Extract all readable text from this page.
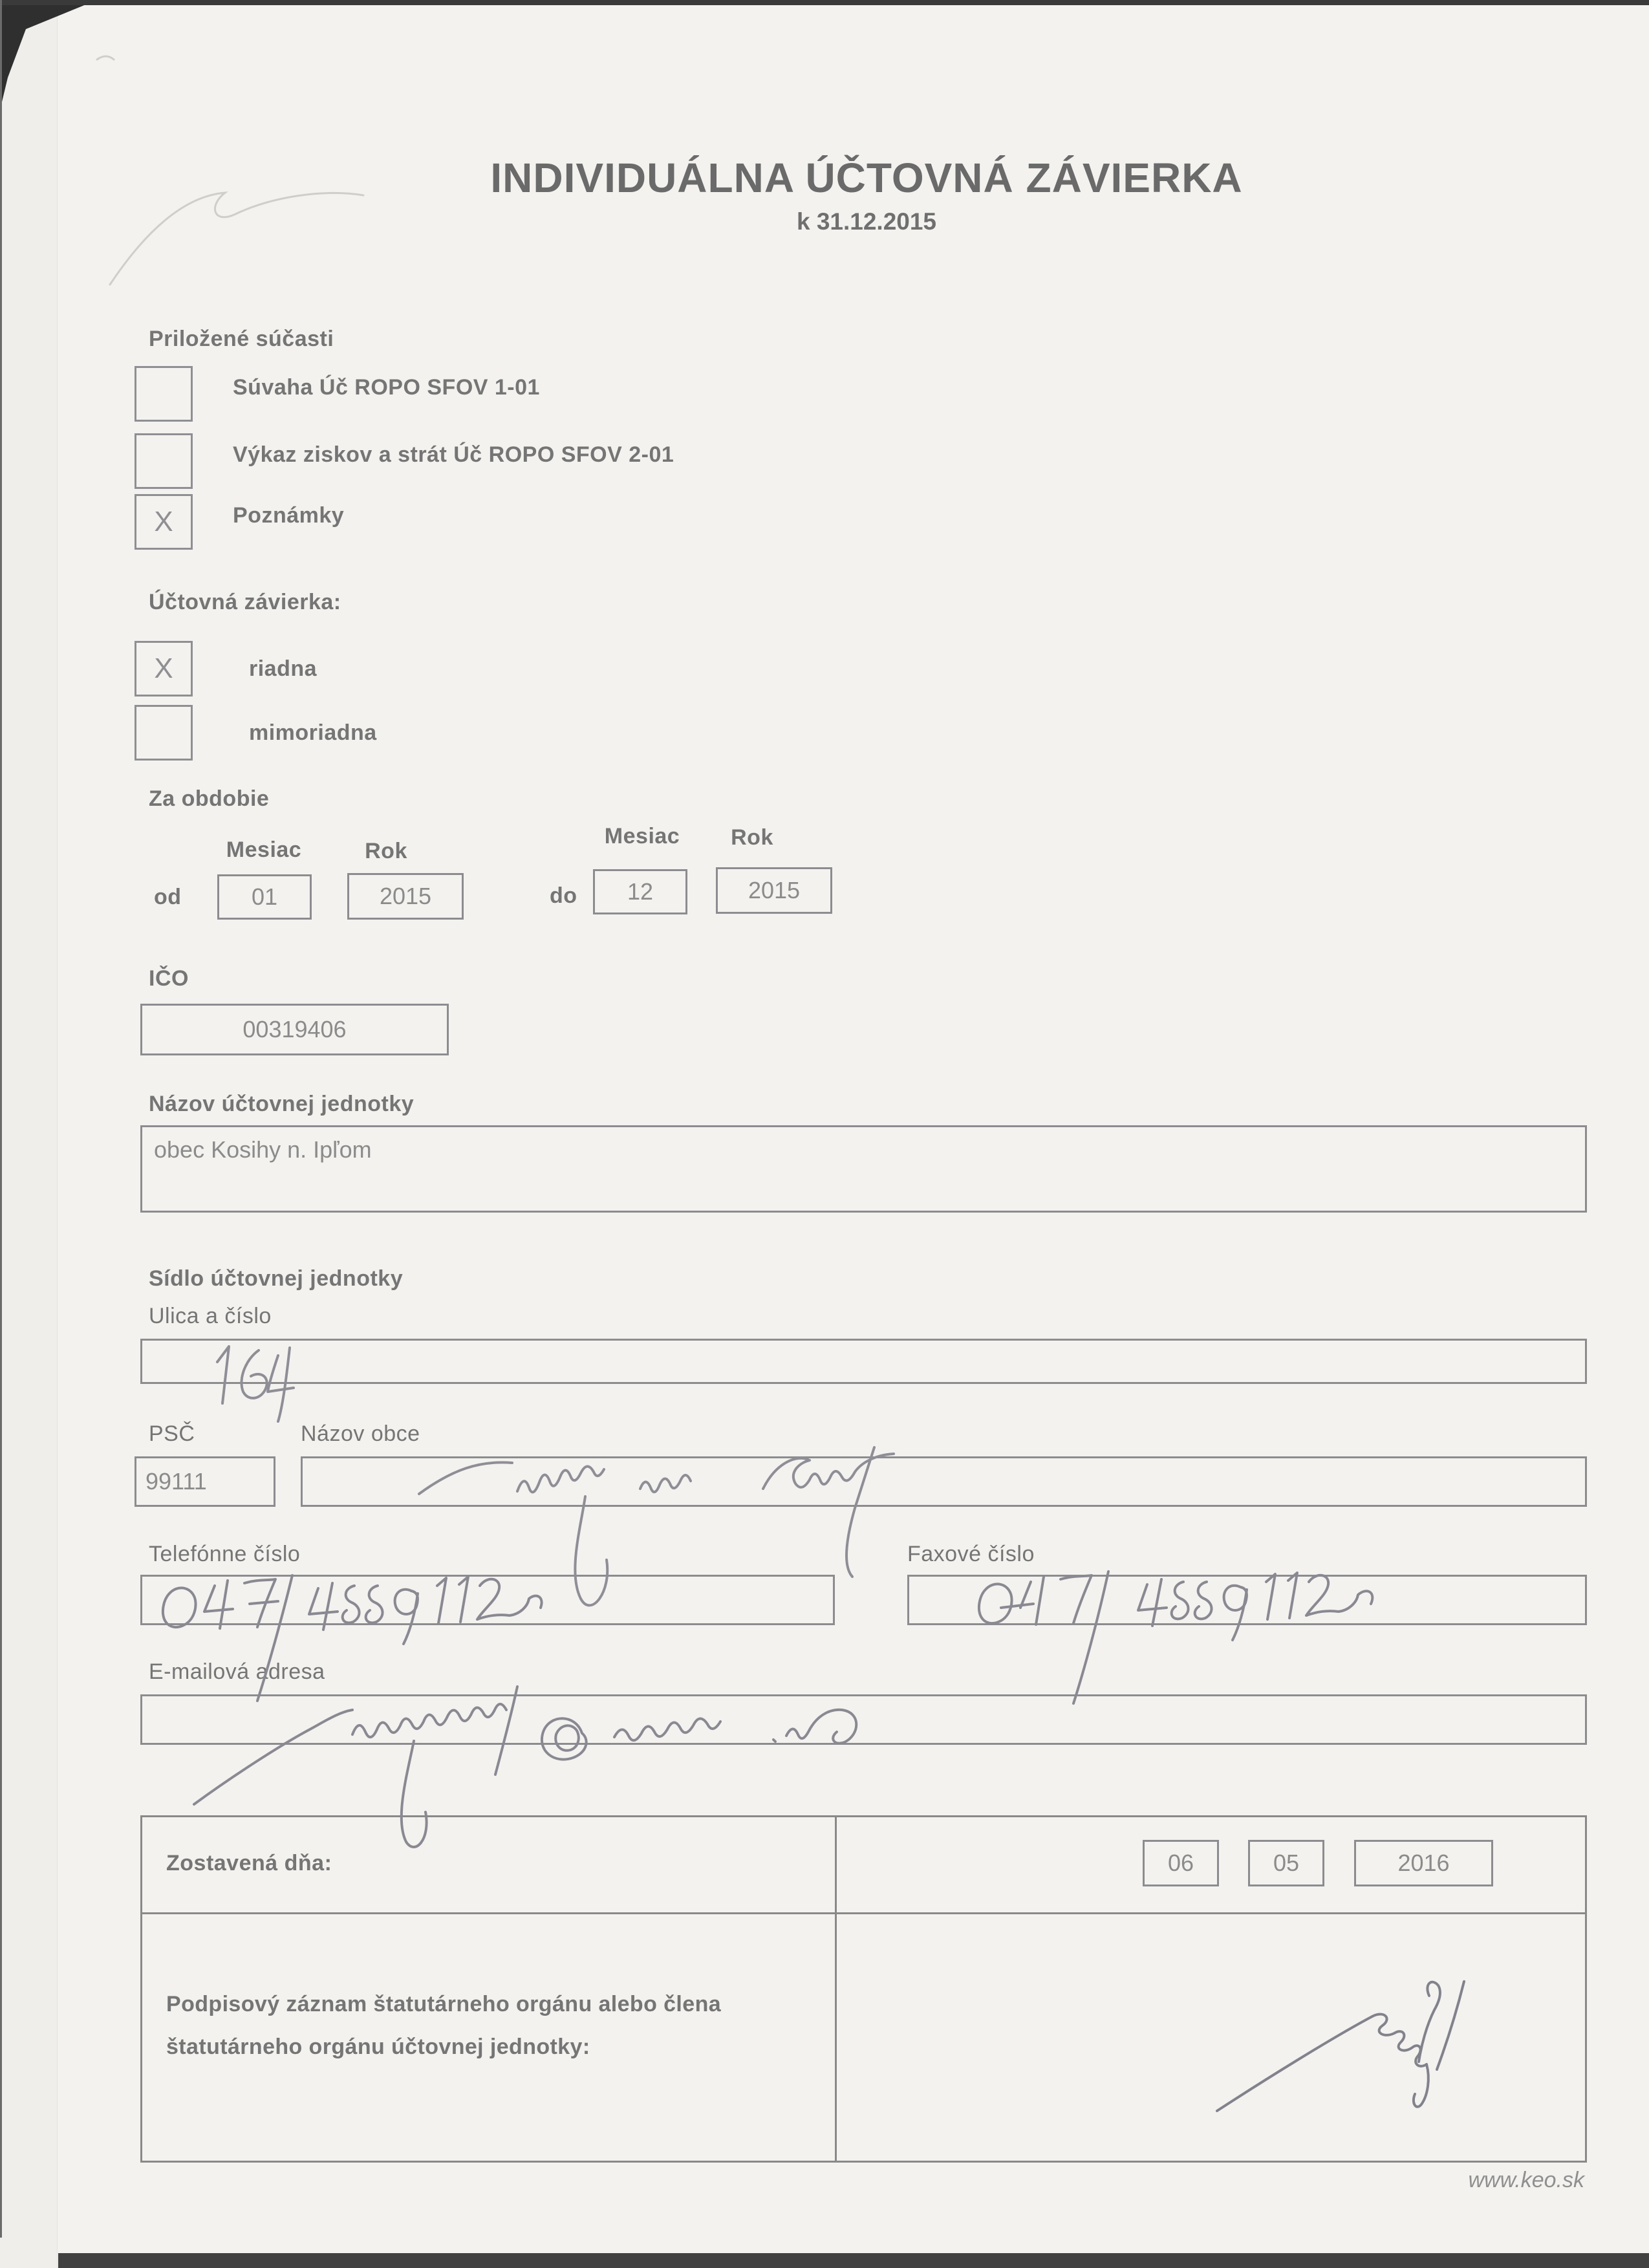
INDIVIDUÁLNA ÚČTOVNÁ ZÁVIERKA
k 31.12.2015
Priložené súčasti
Súvaha Úč ROPO SFOV 1-01
Výkaz ziskov a strát Úč ROPO SFOV 2-01
X	Poznámky
Účtovná závierka:
X	riadna
mimoriadna
Za obdobie
Mesiac	Rok
Mesiac Rok
od	01	2015	do 12	2015
IČO
00319406
Názov účtovnej jednotky
obec Kosihy n. Ipľom
Sídlo účtovnej jednotky
Ulica a číslo
PSČ	Názov obce
99111
Telefónne číslo	Faxové číslo
E-mailová adresa
Zostavená dňa:	06	05	2016
Podpisový záznam štatutárneho orgánu alebo člena štatutárneho orgánu účtovnej jednotky:
www.keo.sk
